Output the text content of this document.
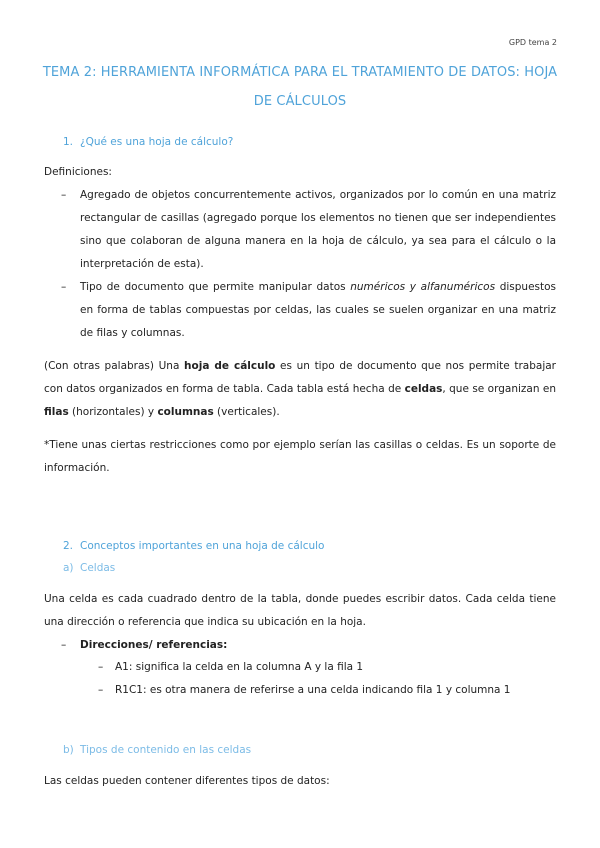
GPD tema 2
TEMA 2: HERRAMIENTA INFORMÁTICA PARA EL TRATAMIENTO DE DATOS: HOJA DE CÁLCULOS
1. ¿Qué es una hoja de cálculo?
Definiciones:
– Agregado de objetos concurrentemente activos, organizados por lo común en una matriz rectangular de casillas (agregado porque los elementos no tienen que ser independientes sino que colaboran de alguna manera en la hoja de cálculo, ya sea para el cálculo o la interpretación de esta).
– Tipo de documento que permite manipular datos numéricos y alfanuméricos dispuestos en forma de tablas compuestas por celdas, las cuales se suelen organizar en una matriz de filas y columnas.
(Con otras palabras) Una hoja de cálculo es un tipo de documento que nos permite trabajar con datos organizados en forma de tabla. Cada tabla está hecha de celdas, que se organizan en filas (horizontales) y columnas (verticales).
*Tiene unas ciertas restricciones como por ejemplo serían las casillas o celdas. Es un soporte de información.
2. Conceptos importantes en una hoja de cálculo
a) Celdas
Una celda es cada cuadrado dentro de la tabla, donde puedes escribir datos. Cada celda tiene una dirección o referencia que indica su ubicación en la hoja.
– Direcciones/ referencias:
– A1: significa la celda en la columna A y la fila 1
– R1C1: es otra manera de referirse a una celda indicando fila 1 y columna 1
b) Tipos de contenido en las celdas
Las celdas pueden contener diferentes tipos de datos:
